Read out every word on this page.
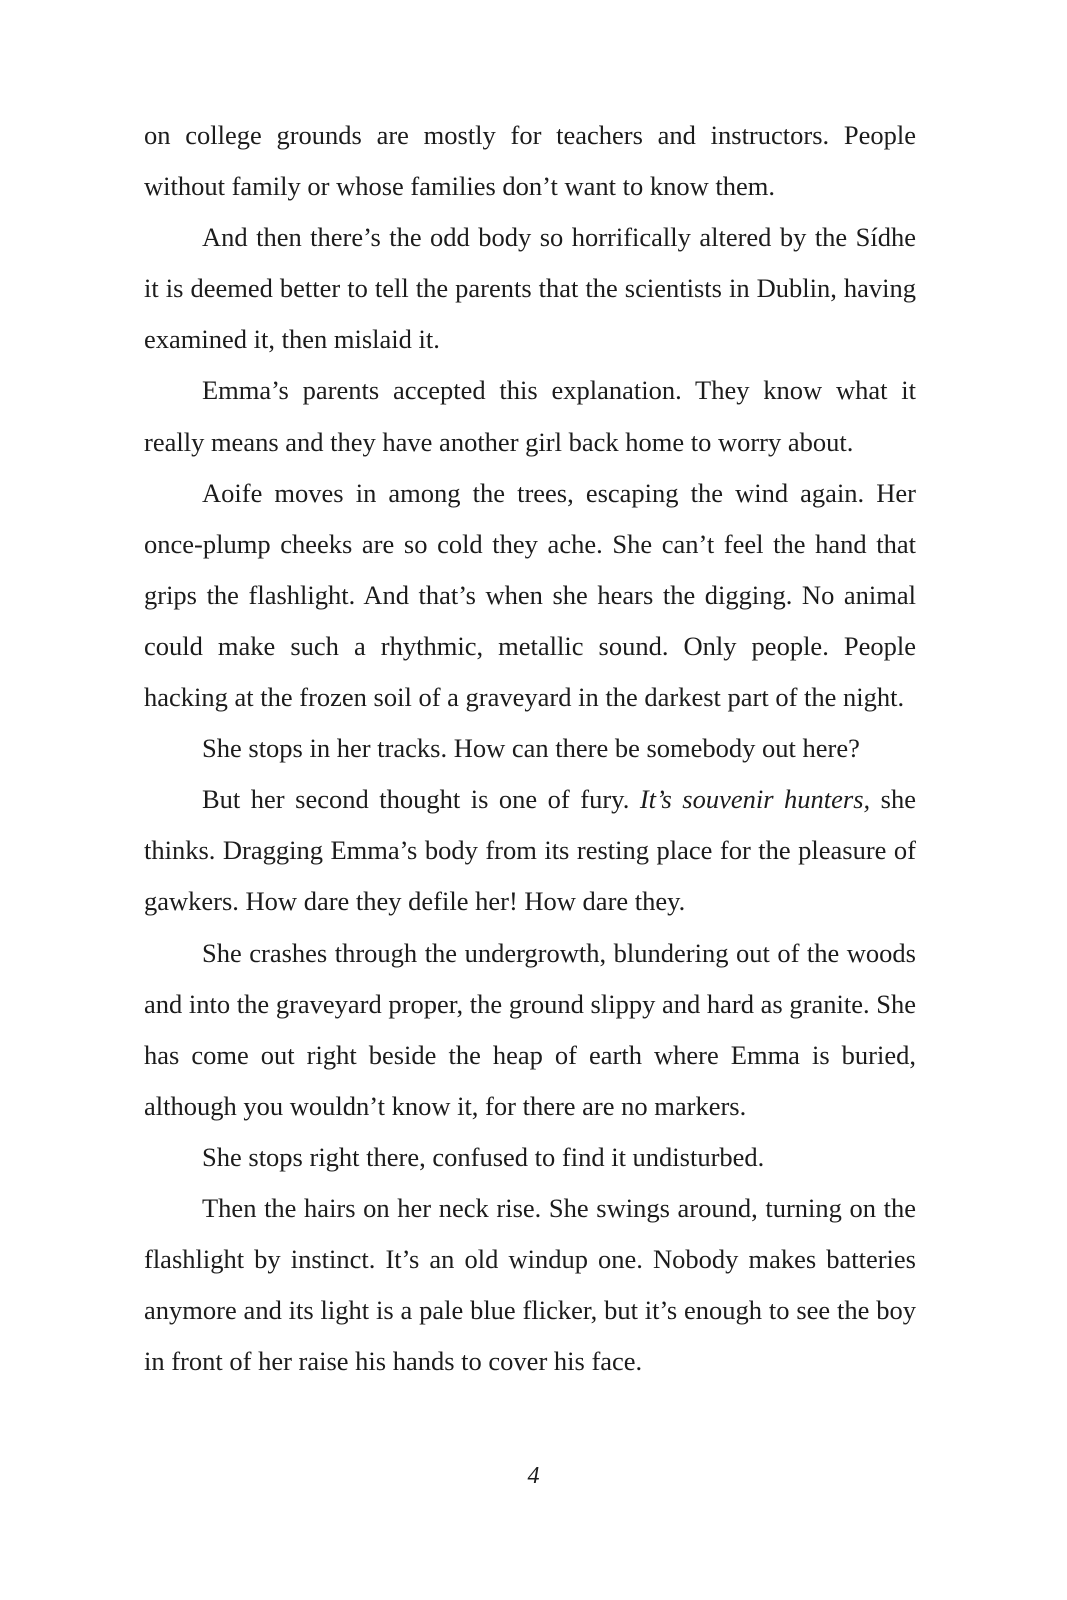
on college grounds are mostly for teachers and instructors. People without family or whose families don’t want to know them.

And then there’s the odd body so horrifically altered by the Sídhe it is deemed better to tell the parents that the scientists in Dublin, having examined it, then mislaid it.

Emma’s parents accepted this explanation. They know what it really means and they have another girl back home to worry about.

Aoife moves in among the trees, escaping the wind again. Her once-plump cheeks are so cold they ache. She can’t feel the hand that grips the flashlight. And that’s when she hears the digging. No animal could make such a rhythmic, metallic sound. Only people. People hacking at the frozen soil of a graveyard in the darkest part of the night.

She stops in her tracks. How can there be somebody out here?

But her second thought is one of fury. It’s souvenir hunters, she thinks. Dragging Emma’s body from its resting place for the pleasure of gawkers. How dare they defile her! How dare they.

She crashes through the undergrowth, blundering out of the woods and into the graveyard proper, the ground slippy and hard as granite. She has come out right beside the heap of earth where Emma is buried, although you wouldn’t know it, for there are no markers.

She stops right there, confused to find it undisturbed.

Then the hairs on her neck rise. She swings around, turning on the flashlight by instinct. It’s an old windup one. Nobody makes batteries anymore and its light is a pale blue flicker, but it’s enough to see the boy in front of her raise his hands to cover his face.

4
